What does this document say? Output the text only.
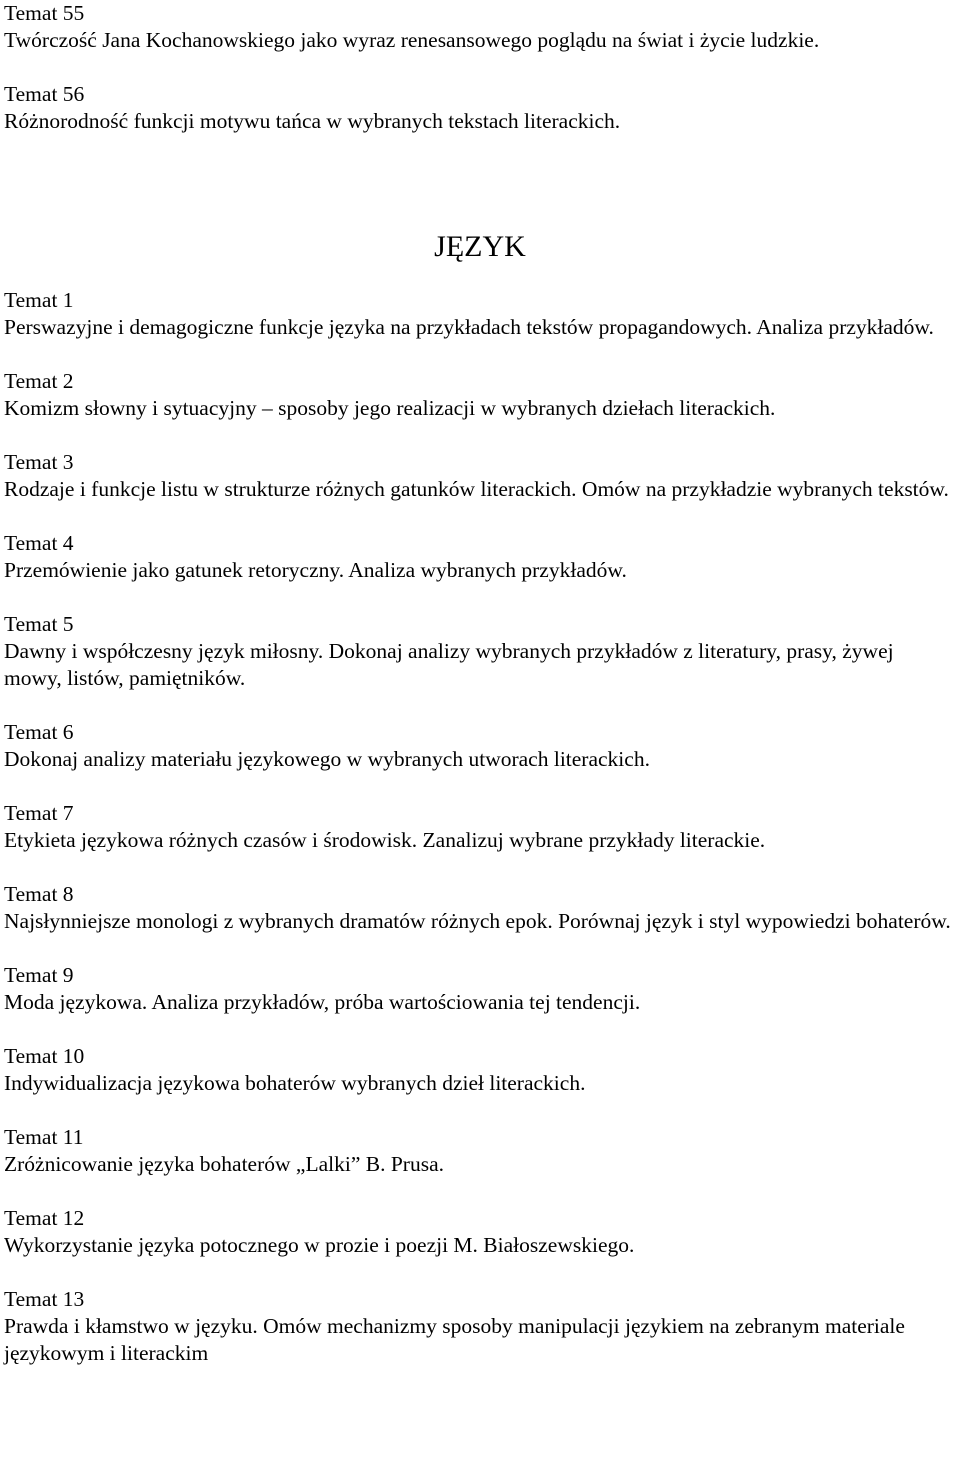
Temat 55
Twórczość Jana Kochanowskiego jako wyraz renesansowego poglądu na świat i życie ludzkie.
Temat 56
Różnorodność funkcji motywu tańca w wybranych tekstach literackich.
JĘZYK
Temat 1
Perswazyjne i demagogiczne funkcje języka na przykładach tekstów propagandowych. Analiza przykładów.
Temat 2
Komizm słowny i sytuacyjny – sposoby jego realizacji w wybranych dziełach literackich.
Temat 3
Rodzaje i funkcje listu w strukturze różnych gatunków literackich. Omów na przykładzie wybranych tekstów.
Temat 4
Przemówienie jako gatunek retoryczny. Analiza wybranych przykładów.
Temat 5
Dawny i współczesny język miłosny. Dokonaj analizy wybranych przykładów z literatury, prasy, żywej mowy, listów, pamiętników.
Temat 6
Dokonaj analizy materiału językowego w wybranych utworach literackich.
Temat 7
Etykieta językowa różnych czasów i środowisk. Zanalizuj wybrane przykłady literackie.
Temat 8
Najsłynniejsze monologi z wybranych dramatów różnych epok. Porównaj język i styl wypowiedzi bohaterów.
Temat 9
Moda językowa. Analiza przykładów, próba wartościowania tej tendencji.
Temat 10
Indywidualizacja językowa bohaterów wybranych dzieł literackich.
Temat 11
Zróżnicowanie języka bohaterów „Lalki” B. Prusa.
Temat 12
Wykorzystanie języka potocznego w prozie i poezji M. Białoszewskiego.
Temat 13
Prawda i kłamstwo w języku. Omów mechanizmy sposoby manipulacji językiem na zebranym materiale językowym i literackim
